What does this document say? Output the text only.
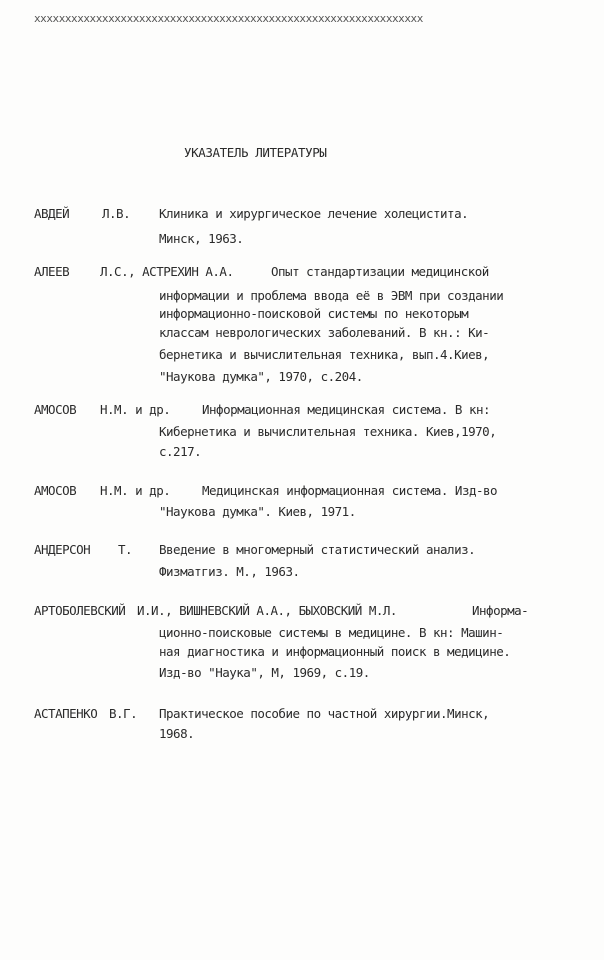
xxxxxxxxxxxxxxxxxxxxxxxxxxxxxxxxxxxxxxxxxxxxxxxxxxxxxxxxxxxxxxx
УКАЗАТЕЛЬ ЛИТЕРАТУРЫ
АВДЕЙ	Л.В. Клиника и хирургическое лечение холецистита.
Минск, 1963.
АЛЕЕВ Л.С., АСТРЕХИН А.А.	Опыт стандартизации медицинской
информации и проблема ввода её в ЭВМ при создании
информационно-поисковой системы по некоторым
классам неврологических заболеваний. В кн.: Ки-
бернетика и вычислительная техника, вып.4.Киев,
"Наукова думка", 1970, с.204.
АМОСОВ Н.М. и др.	Информационная медицинская система. В кн:
Кибернетика и вычислительная техника. Киев,1970,
с.217.
АМОСОВ Н.М. и др.	Медицинская информационная система. Изд-во
"Наукова думка". Киев, 1971.
АНДЕРСОН Т. Введение в многомерный статистический анализ.
Физматгиз. М., 1963.
АРТОБОЛЕВСКИЙ И.И., ВИШНЕВСКИЙ А.А., БЫХОВСКИЙ М.Л.	Информа-
ционно-поисковые системы в медицине. В кн: Машин-
ная диагностика и информационный поиск в медицине.
Изд-во "Наука", М, 1969, с.19.
АСТАПЕНКО В.Г. Практическое пособие по частной хирургии.Минск,
1968.
